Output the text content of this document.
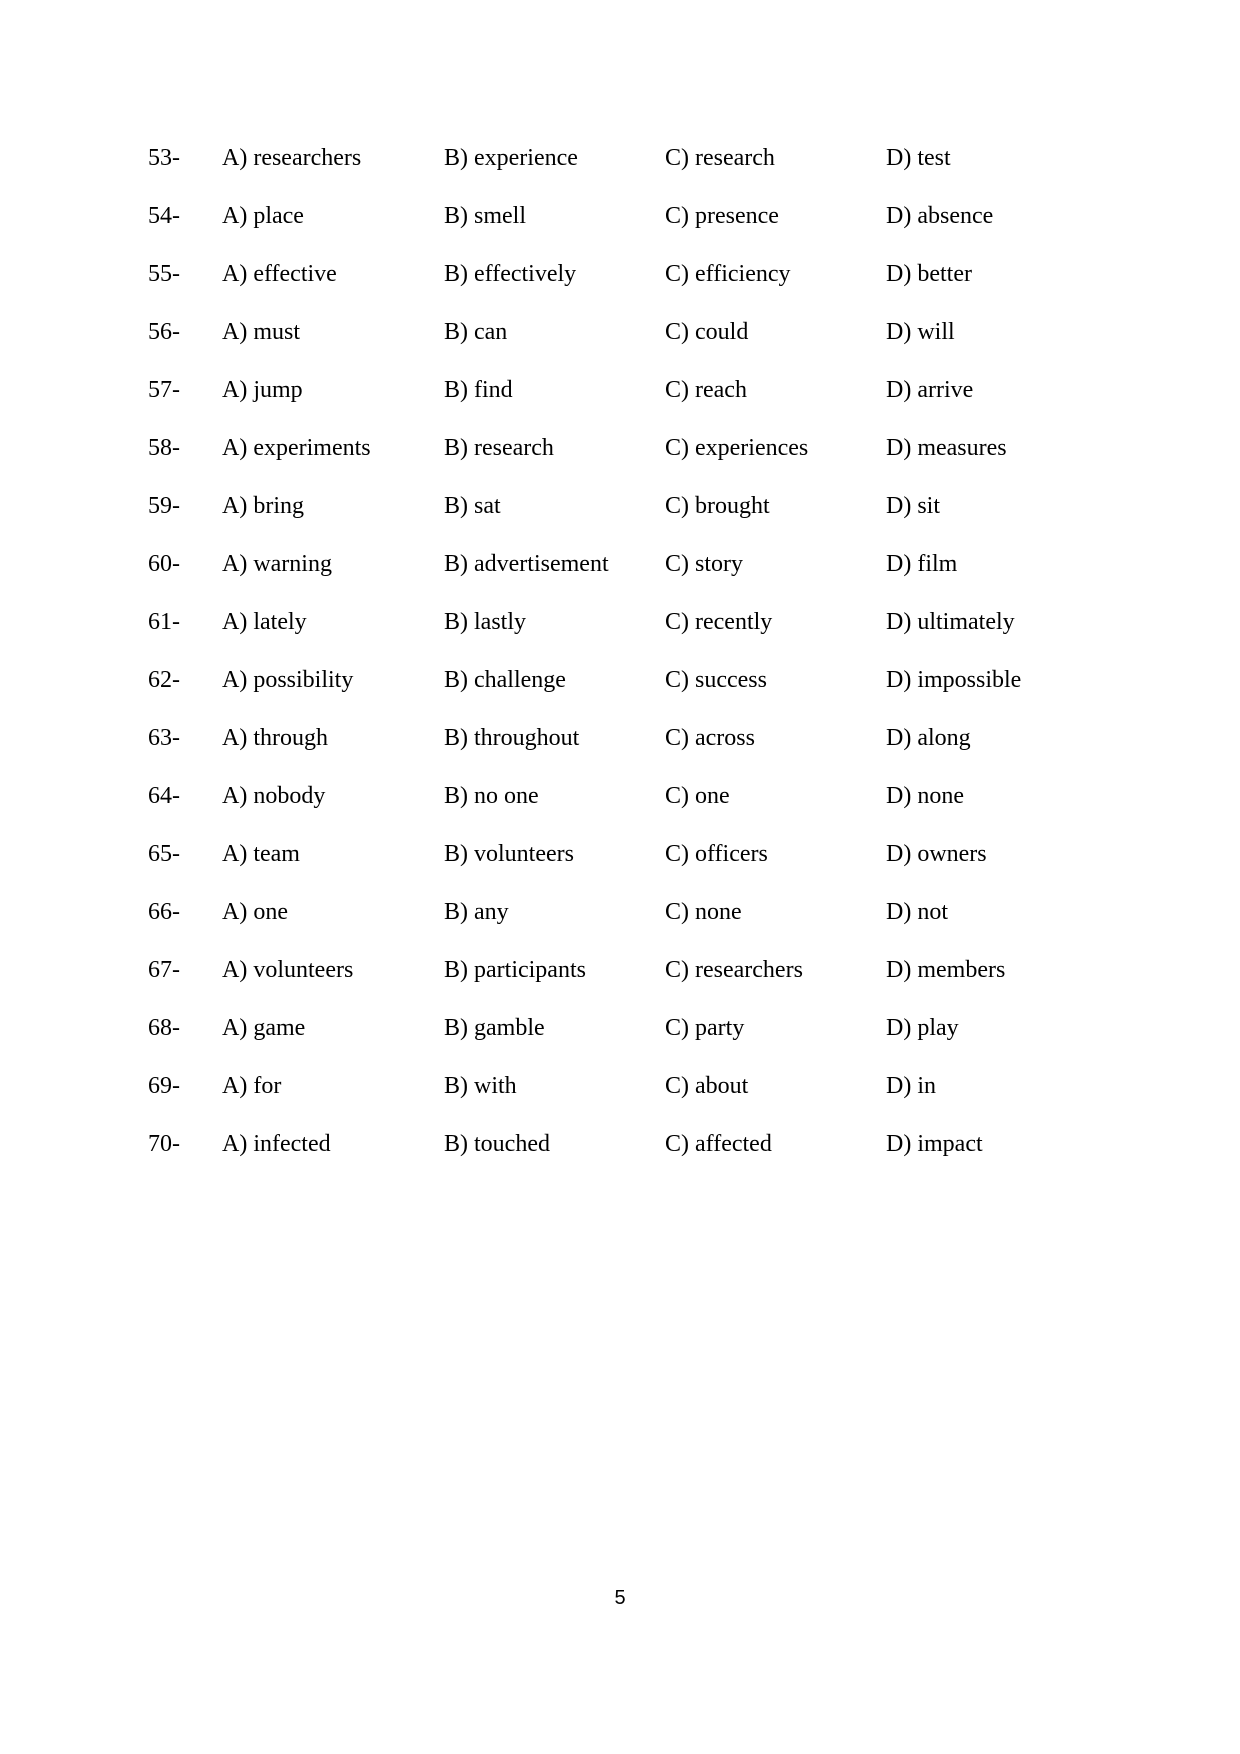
53- A) researchers	B) experience	C) research	D) test
54- A) place	B) smell	C) presence	D) absence
55- A) effective	B) effectively	C) efficiency	D) better
56- A) must	B) can	C) could	D) will
57- A) jump	B) find	C) reach	D) arrive
58- A) experiments	B) research	C) experiences	D) measures
59- A) bring	B) sat	C) brought	D) sit
60- A) warning	B) advertisement C) story	D) film
61- A) lately	B) lastly	C) recently	D) ultimately
62- A) possibility	B) challenge	C) success	D) impossible
63- A) through	B) throughout	C) across	D) along
64- A) nobody	B) no one	C) one	D) none
65- A) team	B) volunteers	C) officers	D) owners
66- A) one	B) any	C) none	D) not
67- A) volunteers	B) participants	C) researchers	D) members
68- A) game	B) gamble	C) party	D) play
69- A) for	B) with	C) about	D) in
70- A) infected	B) touched	C) affected	D) impact
5
